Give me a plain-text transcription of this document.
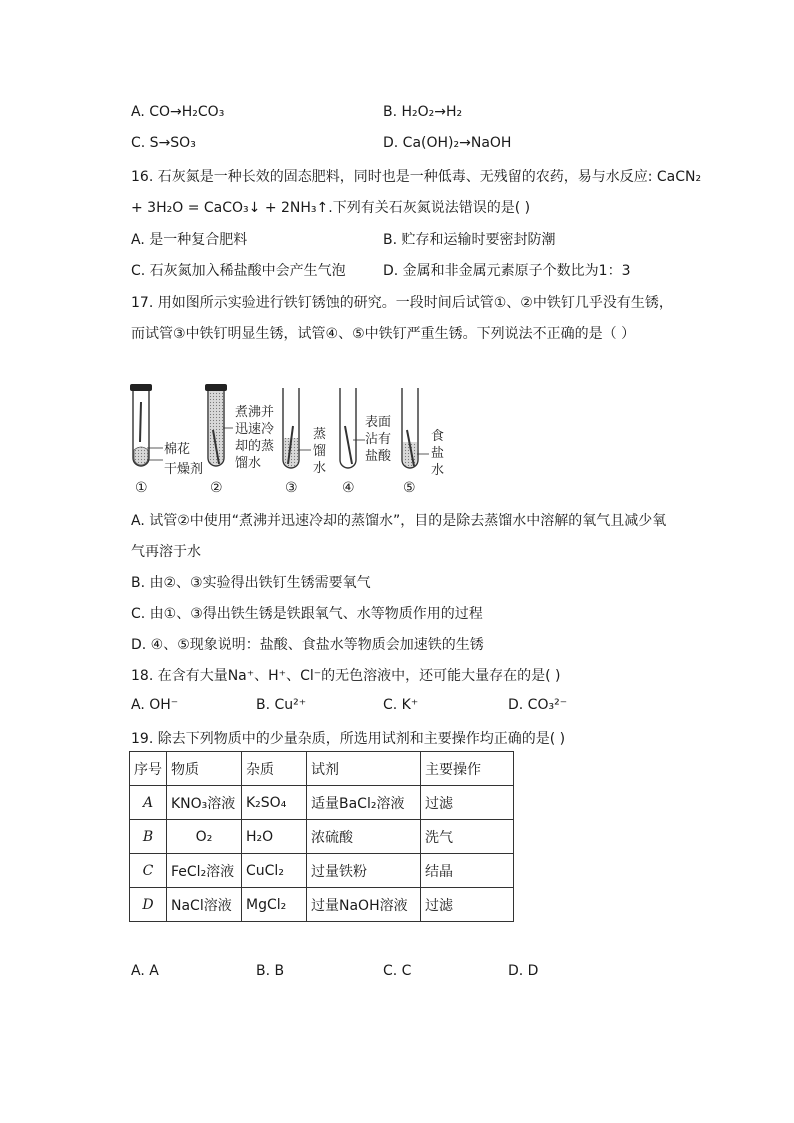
A. CO→H₂CO₃	B. H₂O₂→H₂
C. S→SO₃	D. Ca(OH)₂→NaOH
16. 石灰氮是一种长效的固态肥料，同时也是一种低毒、无残留的农药，易与水反应: CaCN₂
+ 3H₂O = CaCO₃↓ + 2NH₃↑.下列有关石灰氮说法错误的是( )
A. 是一种复合肥料	B. 贮存和运输时要密封防潮
C. 石灰氮加入稀盐酸中会产生气泡	D. 金属和非金属元素原子个数比为1：3
17. 用如图所示实验进行铁钉锈蚀的研究。一段时间后试管①、②中铁钉几乎没有生锈，
而试管③中铁钉明显生锈，试管④、⑤中铁钉严重生锈。下列说法不正确的是（ ）
棉花
干燥剂
煮沸并
迅速冷
却的蒸
馏水
蒸
馏
水
表面
沾有
盐酸
食
盐
水
①	②	③	④	⑤
A. 试管②中使用“煮沸并迅速冷却的蒸馏水”，目的是除去蒸馏水中溶解的氧气且减少氧
气再溶于水
B. 由②、③实验得出铁钉生锈需要氧气
C. 由①、③得出铁生锈是铁跟氧气、水等物质作用的过程
D. ④、⑤现象说明：盐酸、食盐水等物质会加速铁的生锈
18. 在含有大量Na⁺、H⁺、Cl⁻的无色溶液中，还可能大量存在的是( )
A. OH⁻	B. Cu²⁺	C. K⁺	D. CO₃²⁻
19. 除去下列物质中的少量杂质，所选用试剂和主要操作均正确的是( )
序号	物质	杂质	试剂	主要操作
A	KNO₃溶液	K₂SO₄	适量BaCl₂溶液	过滤
B	O₂	H₂O	浓硫酸	洗气
C	FeCl₂溶液	CuCl₂	过量铁粉	结晶
D	NaCl溶液	MgCl₂	过量NaOH溶液	过滤
A. A	B. B	C. C	D. D
